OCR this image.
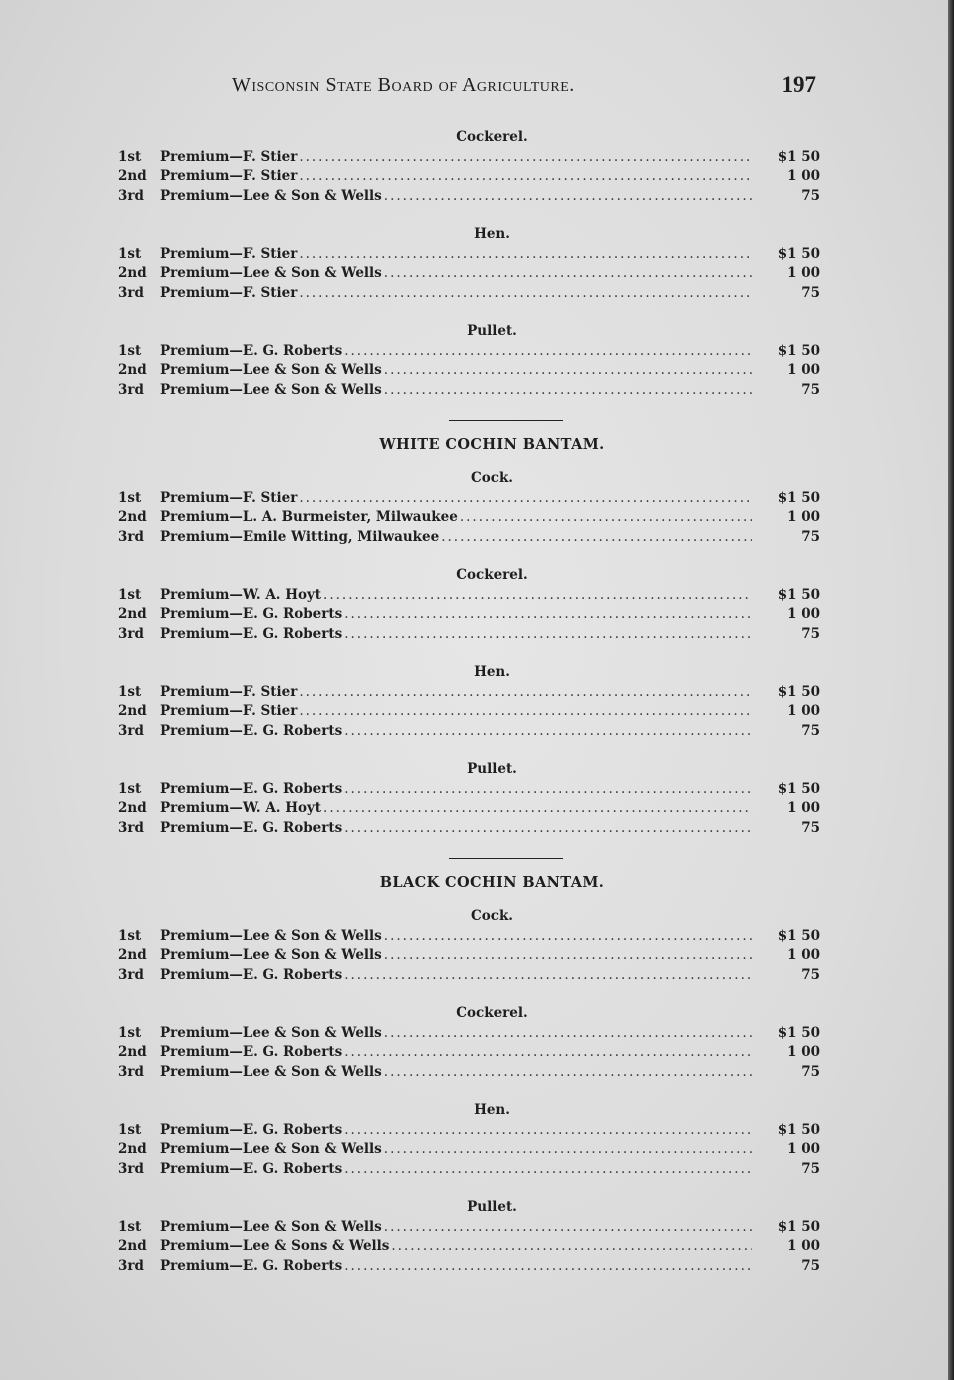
Wisconsin State Board of Agriculture.	197
Cockerel.
1st	Premium—F. Stier .....	$1 50
2nd Premium—F. Stier .....	1 00
3rd	Premium—Lee & Son & Wells .....	75
Hen.
1st	Premium—F. Stier .....	$1 50
2nd Premium—Lee & Son & Wells .....	1 00
3rd	Premium—F. Stier .....	75
Pullet.
1st	Premium—E. G. Roberts .....	$1 50
2nd Premium—Lee & Son & Wells .....	1 00
3rd	Premium—Lee & Son & Wells .....	75
WHITE COCHIN BANTAM.
Cock.
1st	Premium—F. Stier .....	$1 50
2nd Premium—L. A. Burmeister, Milwaukee .....	1 00
3rd	Premium—Emile Witting, Milwaukee .....	75
Cockerel.
1st	Premium—W. A. Hoyt .....	$1 50
2nd Premium—E. G. Roberts .....	1 00
3rd	Premium—E. G. Roberts .....	75
Hen.
1st	Premium—F. Stier .....	$1 50
2nd Premium—F. Stier .....	1 00
3rd	Premium—E. G. Roberts .....	75
Pullet.
1st	Premium—E. G. Roberts .....	$1 50
2nd Premium—W. A. Hoyt .....	1 00
3rd	Premium—E. G. Roberts .....	75
BLACK COCHIN BANTAM.
Cock.
1st	Premium—Lee & Son & Wells .....	$1 50
2nd Premium—Lee & Son & Wells .....	1 00
3rd	Premium—E. G. Roberts .....	75
Cockerel.
1st	Premium—Lee & Son & Wells .....	$1 50
2nd Premium—E. G. Roberts .....	1 00
3rd	Premium—Lee & Son & Wells .....	75
Hen.
1st	Premium—E. G. Roberts .....	$1 50
2nd Premium—Lee & Son & Wells .....	1 00
3rd	Premium—E. G. Roberts .....	75
Pullet.
1st	Premium—Lee & Son & Wells .....	$1 50
2nd Premium—Lee & Sons & Wells .....	1 00
3rd	Premium—E. G. Roberts .....	75
